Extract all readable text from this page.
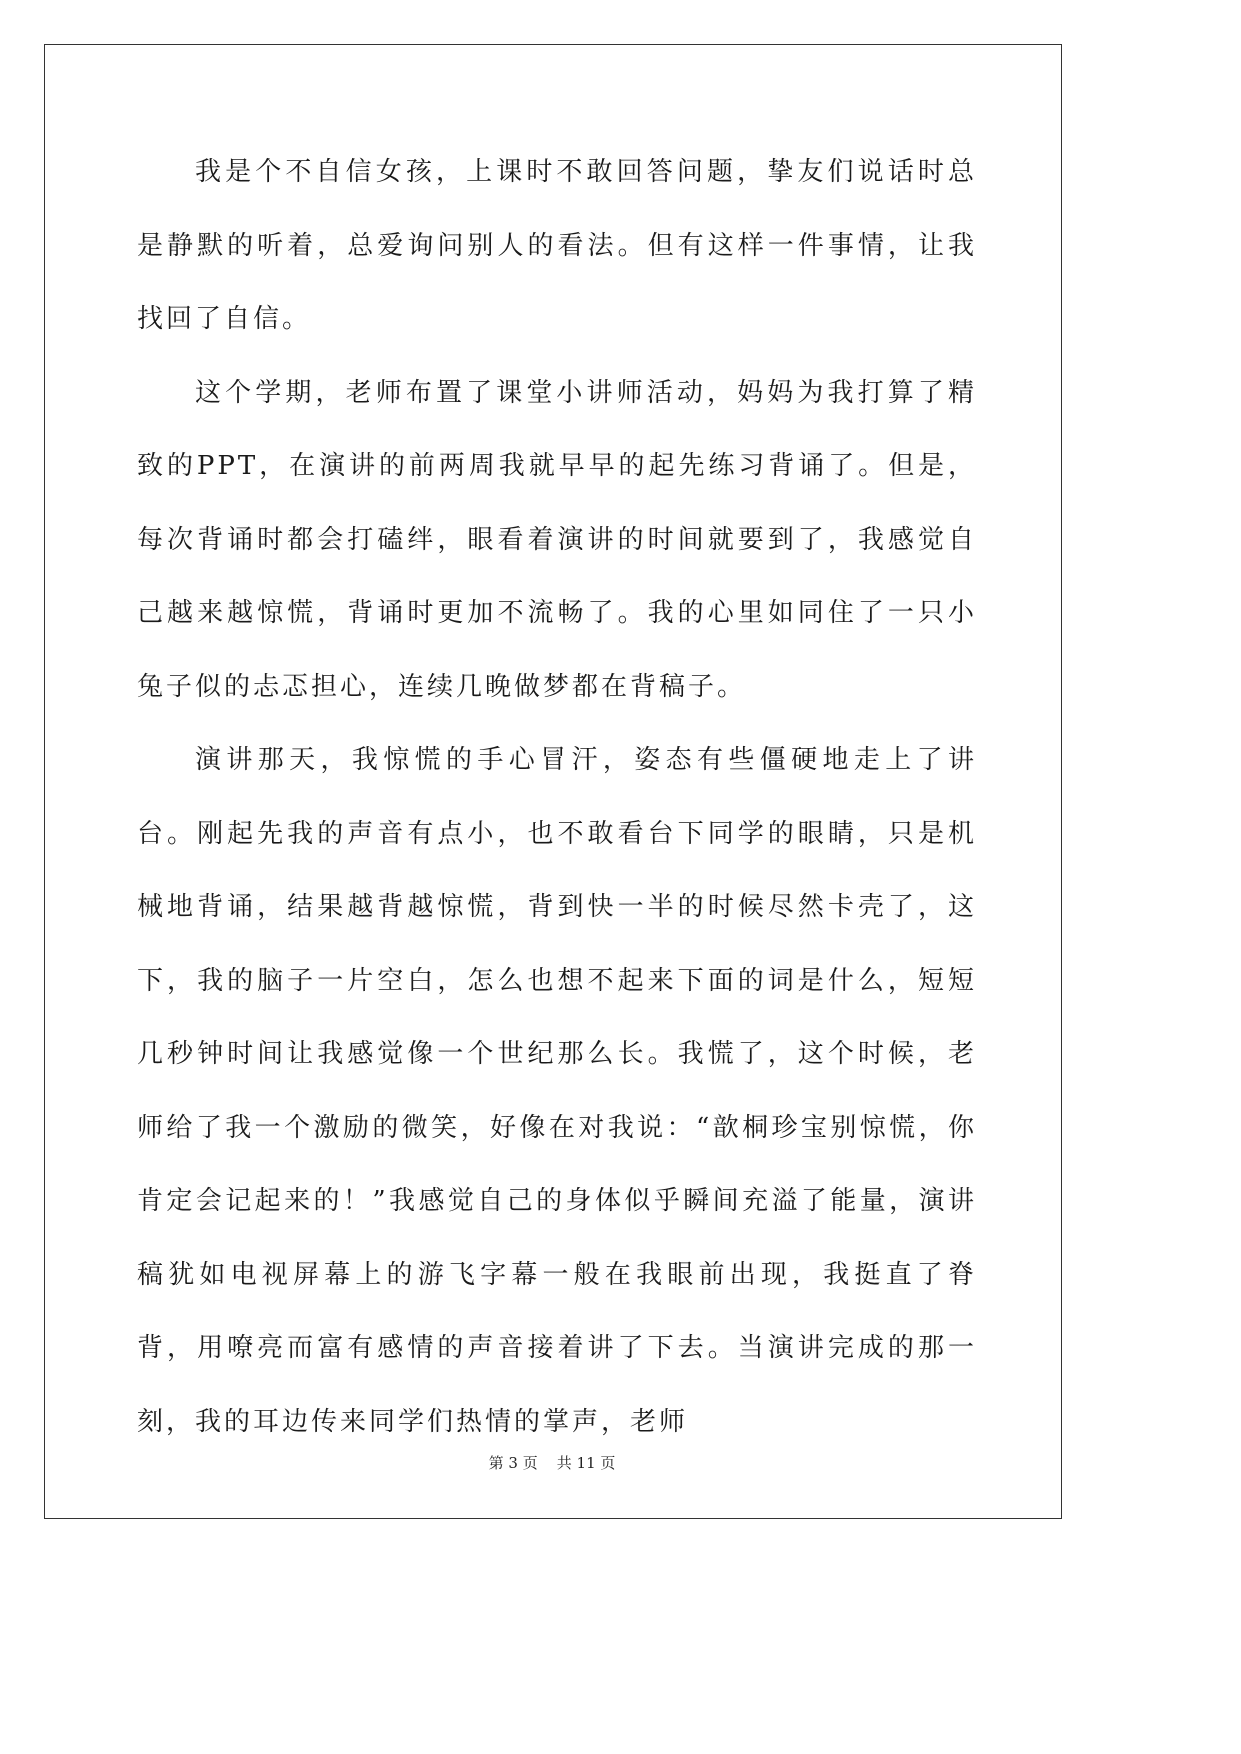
我是个不自信女孩，上课时不敢回答问题，挚友们说话时总是静默的听着，总爱询问别人的看法。但有这样一件事情，让我找回了自信。

这个学期，老师布置了课堂小讲师活动，妈妈为我打算了精致的PPT，在演讲的前两周我就早早的起先练习背诵了。但是，每次背诵时都会打磕绊，眼看着演讲的时间就要到了，我感觉自己越来越惊慌，背诵时更加不流畅了。我的心里如同住了一只小兔子似的忐忑担心，连续几晚做梦都在背稿子。

演讲那天，我惊慌的手心冒汗，姿态有些僵硬地走上了讲台。刚起先我的声音有点小，也不敢看台下同学的眼睛，只是机械地背诵，结果越背越惊慌，背到快一半的时候尽然卡壳了，这下，我的脑子一片空白，怎么也想不起来下面的词是什么，短短几秒钟时间让我感觉像一个世纪那么长。我慌了，这个时候，老师给了我一个激励的微笑，好像在对我说：“歆桐珍宝别惊慌，你肯定会记起来的！”我感觉自己的身体似乎瞬间充溢了能量，演讲稿犹如电视屏幕上的游飞字幕一般在我眼前出现，我挺直了脊背，用嘹亮而富有感情的声音接着讲了下去。当演讲完成的那一刻，我的耳边传来同学们热情的掌声，老师

第 3 页    共 11 页
